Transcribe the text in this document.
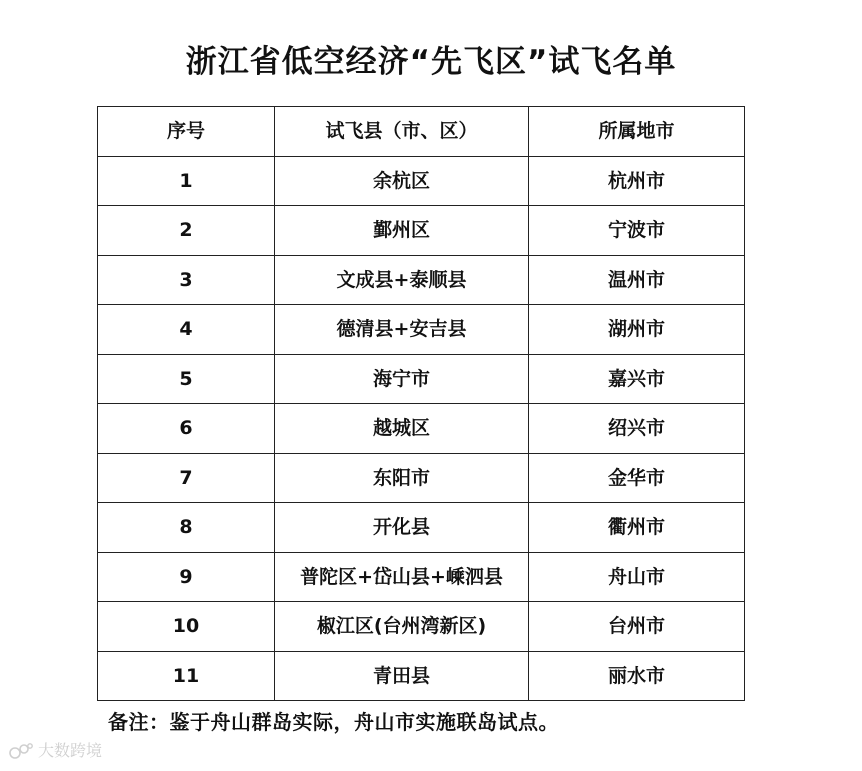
浙江省低空经济“先飞区”试飞名单
序号	试飞县（市、区）	所属地市
1	余杭区	杭州市
2	鄞州区	宁波市
3	文成县+泰顺县	温州市
4	德清县+安吉县	湖州市
5	海宁市	嘉兴市
6	越城区	绍兴市
7	东阳市	金华市
8	开化县	衢州市
9	普陀区+岱山县+嵊泗县	舟山市
10	椒江区(台州湾新区)	台州市
11	青田县	丽水市
备注：鉴于舟山群岛实际，舟山市实施联岛试点。
大数跨境
